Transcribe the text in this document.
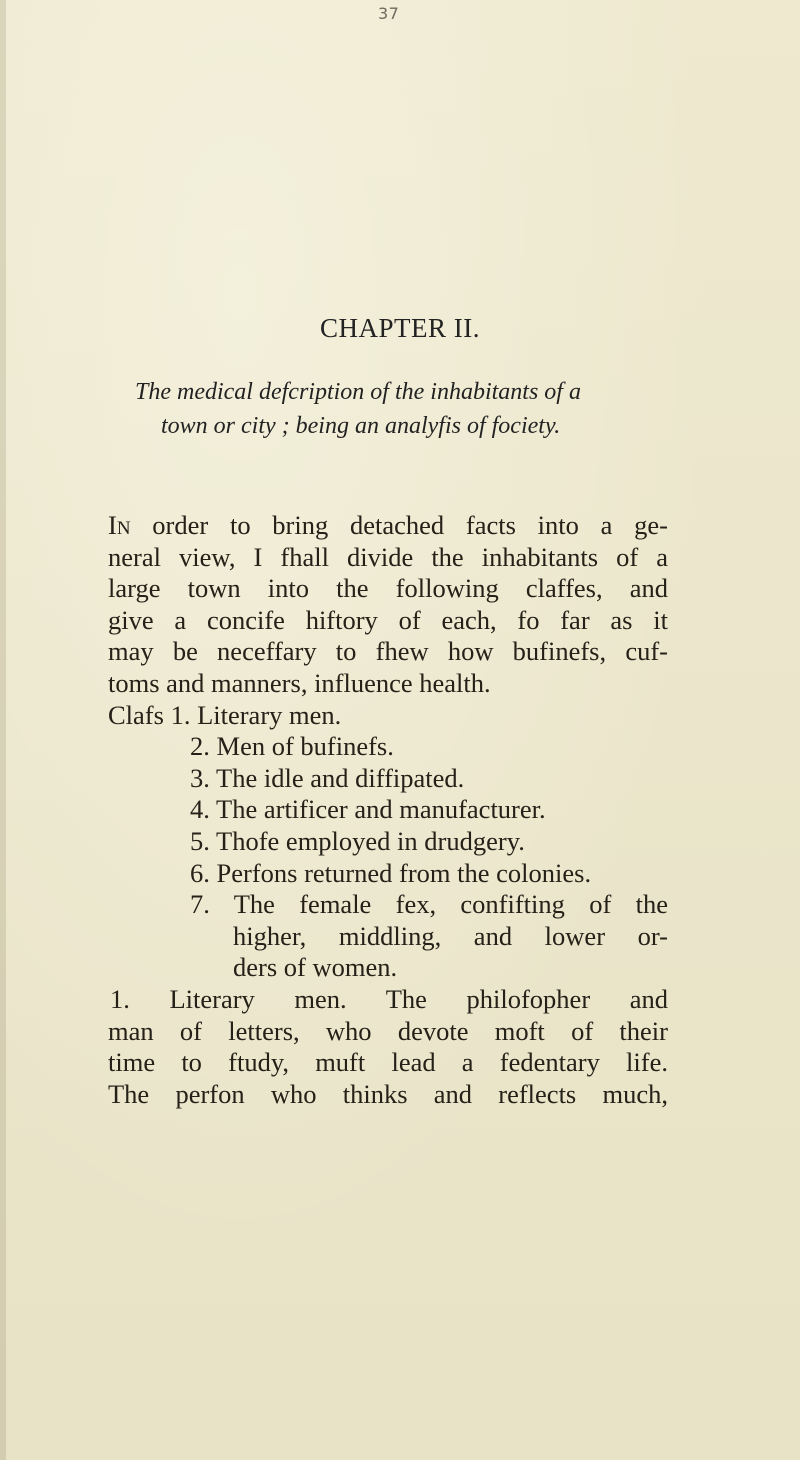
37
CHAPTER II.
The medical defcription of the inhabitants of a
town or city ; being an analyfis of fociety.
In order to bring detached facts into a ge-
neral view, I fhall divide the inhabitants of a
large town into the following claffes, and
give a concife hiftory of each, fo far as it
may be neceffary to fhew how bufinefs, cuf-
toms and manners, influence health.
Clafs 1. Literary men.
2. Men of bufinefs.
3. The idle and diffipated.
4. The artificer and manufacturer.
5. Thofe employed in drudgery.
6. Perfons returned from the colonies.
7. The female fex, confifting of the
higher, middling, and lower or-
ders of women.
1. Literary men. The philofopher and
man of letters, who devote moft of their
time to ftudy, muft lead a fedentary life.
The perfon who thinks and reflects much,
